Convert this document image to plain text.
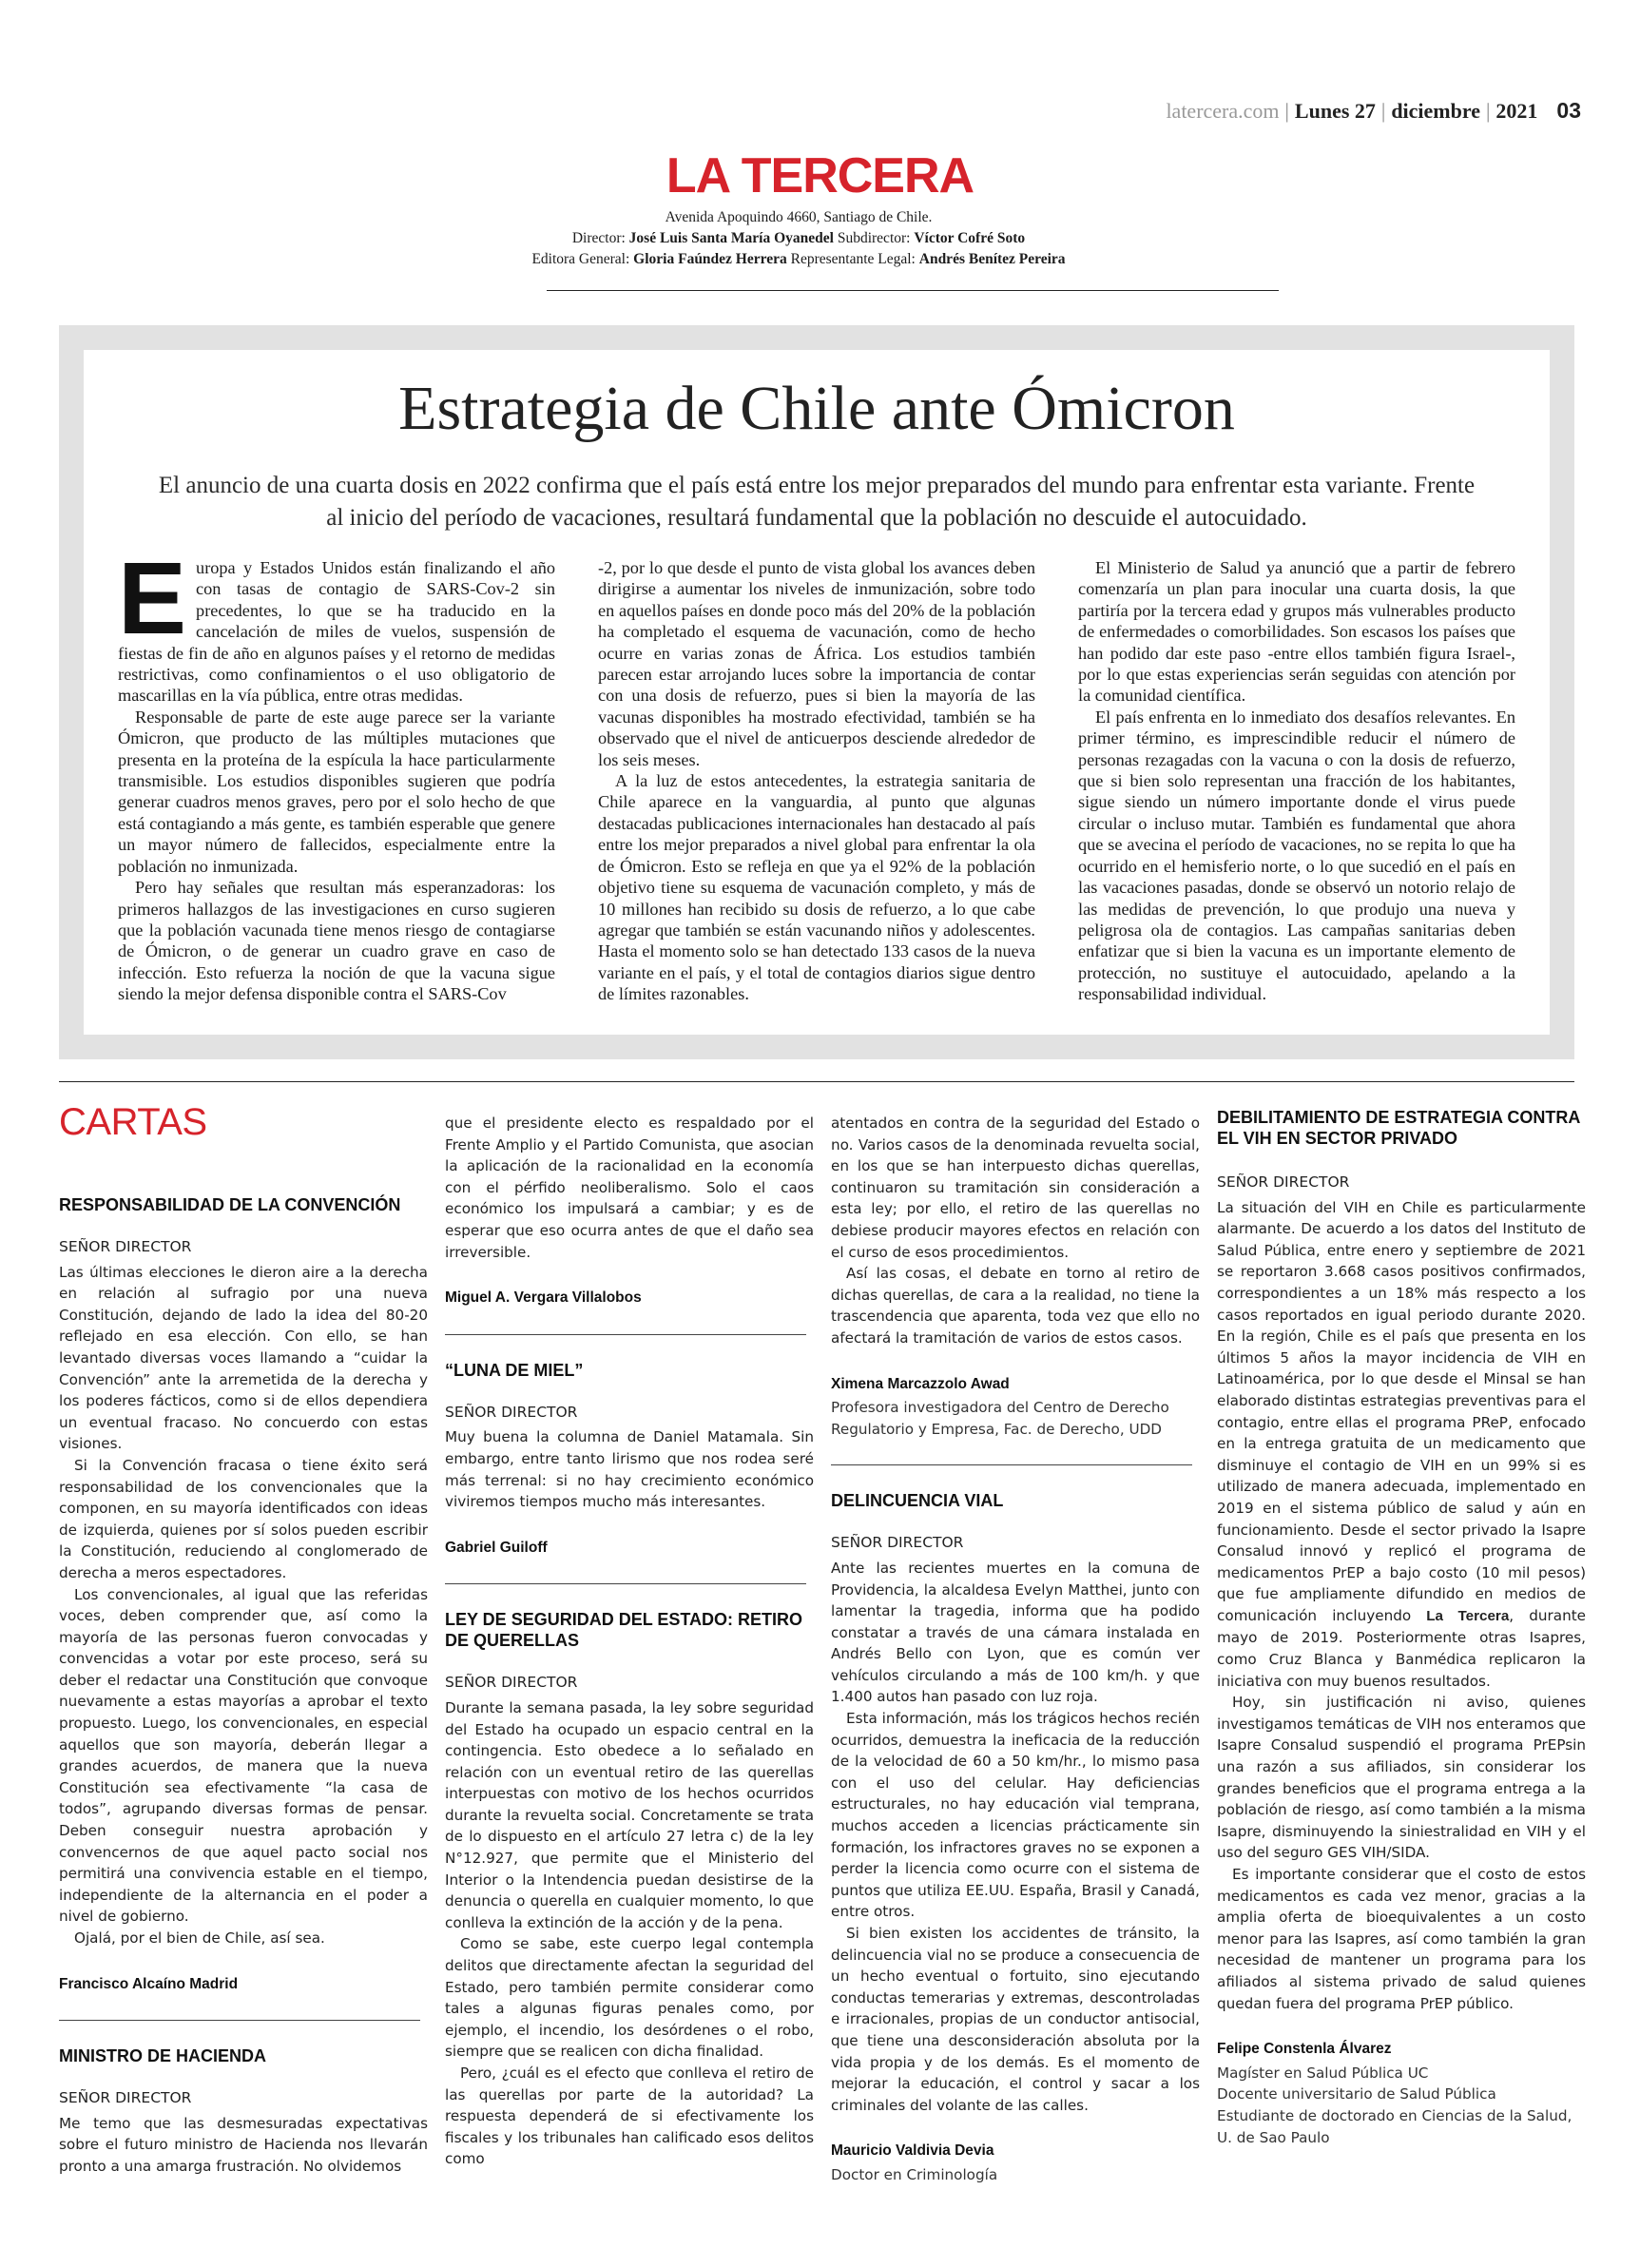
latercera.com | Lunes 27 | diciembre | 2021 03
LA TERCERA
Avenida Apoquindo 4660, Santiago de Chile.
Director: José Luis Santa María Oyanedel Subdirector: Víctor Cofré Soto
Editora General: Gloria Faúndez Herrera Representante Legal: Andrés Benítez Pereira
Estrategia de Chile ante Ómicron
El anuncio de una cuarta dosis en 2022 confirma que el país está entre los mejor preparados del mundo para enfrentar esta variante. Frente al inicio del período de vacaciones, resultará fundamental que la población no descuide el autocuidado.

Europa y Estados Unidos están finalizando el año con tasas de contagio de SARS-Cov-2 sin precedentes, lo que se ha traducido en la cancelación de miles de vuelos, suspensión de fiestas de fin de año en algunos países y el retorno de medidas restrictivas, como confinamientos o el uso obligatorio de mascarillas en la vía pública, entre otras medidas.

Responsable de parte de este auge parece ser la variante Ómicron, que producto de las múltiples mutaciones que presenta en la proteína de la espícula la hace particularmente transmisible. Los estudios disponibles sugieren que podría generar cuadros menos graves, pero por el solo hecho de que está contagiando a más gente, es también esperable que genere un mayor número de fallecidos, especialmente entre la población no inmunizada.

Pero hay señales que resultan más esperanzadoras: los primeros hallazgos de las investigaciones en curso sugieren que la población vacunada tiene menos riesgo de contagiarse de Ómicron, o de generar un cuadro grave en caso de infección. Esto refuerza la noción de que la vacuna sigue siendo la mejor defensa disponible contra el SARS-Cov

-2, por lo que desde el punto de vista global los avances deben dirigirse a aumentar los niveles de inmunización, sobre todo en aquellos países en donde poco más del 20% de la población ha completado el esquema de vacunación, como de hecho ocurre en varias zonas de África. Los estudios también parecen estar arrojando luces sobre la importancia de contar con una dosis de refuerzo, pues si bien la mayoría de las vacunas disponibles ha mostrado efectividad, también se ha observado que el nivel de anticuerpos desciende alrededor de los seis meses.

A la luz de estos antecedentes, la estrategia sanitaria de Chile aparece en la vanguardia, al punto que algunas destacadas publicaciones internacionales han destacado al país entre los mejor preparados a nivel global para enfrentar la ola de Ómicron. Esto se refleja en que ya el 92% de la población objetivo tiene su esquema de vacunación completo, y más de 10 millones han recibido su dosis de refuerzo, a lo que cabe agregar que también se están vacunando niños y adolescentes. Hasta el momento solo se han detectado 133 casos de la nueva variante en el país, y el total de contagios diarios sigue dentro de límites razonables.

El Ministerio de Salud ya anunció que a partir de febrero comenzaría un plan para inocular una cuarta dosis, la que partiría por la tercera edad y grupos más vulnerables producto de enfermedades o comorbilidades. Son escasos los países que han podido dar este paso -entre ellos también figura Israel-, por lo que estas experiencias serán seguidas con atención por la comunidad científica.

El país enfrenta en lo inmediato dos desafíos relevantes. En primer término, es imprescindible reducir el número de personas rezagadas con la vacuna o con la dosis de refuerzo, que si bien solo representan una fracción de los habitantes, sigue siendo un número importante donde el virus puede circular o incluso mutar. También es fundamental que ahora que se avecina el período de vacaciones, no se repita lo que ha ocurrido en el hemisferio norte, o lo que sucedió en el país en las vacaciones pasadas, donde se observó un notorio relajo de las medidas de prevención, lo que produjo una nueva y peligrosa ola de contagios. Las campañas sanitarias deben enfatizar que si bien la vacuna es un importante elemento de protección, no sustituye el autocuidado, apelando a la responsabilidad individual.

CARTAS
RESPONSABILIDAD DE LA CONVENCIÓN
SEÑOR DIRECTOR

Las últimas elecciones le dieron aire a la derecha en relación al sufragio por una nueva Constitución, dejando de lado la idea del 80-20 reflejado en esa elección. Con ello, se han levantado diversas voces llamando a “cuidar la Convención” ante la arremetida de la derecha y los poderes fácticos, como si de ellos dependiera un eventual fracaso. No concuerdo con estas visiones.

Si la Convención fracasa o tiene éxito será responsabilidad de los convencionales que la componen, en su mayoría identificados con ideas de izquierda, quienes por sí solos pueden escribir la Constitución, reduciendo al conglomerado de derecha a meros espectadores.

Los convencionales, al igual que las referidas voces, deben comprender que, así como la mayoría de las personas fueron convocadas y convencidas a votar por este proceso, será su deber el redactar una Constitución que convoque nuevamente a estas mayorías a aprobar el texto propuesto. Luego, los convencionales, en especial aquellos que son mayoría, deberán llegar a grandes acuerdos, de manera que la nueva Constitución sea efectivamente “la casa de todos”, agrupando diversas formas de pensar. Deben conseguir nuestra aprobación y convencernos de que aquel pacto social nos permitirá una convivencia estable en el tiempo, independiente de la alternancia en el poder a nivel de gobierno.

Ojalá, por el bien de Chile, así sea.

Francisco Alcaíno Madrid
MINISTRO DE HACIENDA
SEÑOR DIRECTOR

Me temo que las desmesuradas expectativas sobre el futuro ministro de Hacienda nos llevarán pronto a una amarga frustración. No olvidemos

que el presidente electo es respaldado por el Frente Amplio y el Partido Comunista, que asocian la aplicación de la racionalidad en la economía con el pérfido neoliberalismo. Solo el caos económico los impulsará a cambiar; y es de esperar que eso ocurra antes de que el daño sea irreversible.

Miguel A. Vergara Villalobos
“LUNA DE MIEL”
SEÑOR DIRECTOR

Muy buena la columna de Daniel Matamala. Sin embargo, entre tanto lirismo que nos rodea seré más terrenal: si no hay crecimiento económico viviremos tiempos mucho más interesantes.

Gabriel Guiloff
LEY DE SEGURIDAD DEL ESTADO: RETIRO DE QUERELLAS
SEÑOR DIRECTOR

Durante la semana pasada, la ley sobre seguridad del Estado ha ocupado un espacio central en la contingencia. Esto obedece a lo señalado en relación con un eventual retiro de las querellas interpuestas con motivo de los hechos ocurridos durante la revuelta social. Concretamente se trata de lo dispuesto en el artículo 27 letra c) de la ley N°12.927, que permite que el Ministerio del Interior o la Intendencia puedan desistirse de la denuncia o querella en cualquier momento, lo que conlleva la extinción de la acción y de la pena.

Como se sabe, este cuerpo legal contempla delitos que directamente afectan la seguridad del Estado, pero también permite considerar como tales a algunas figuras penales como, por ejemplo, el incendio, los desórdenes o el robo, siempre que se realicen con dicha finalidad.

Pero, ¿cuál es el efecto que conlleva el retiro de las querellas por parte de la autoridad? La respuesta dependerá de si efectivamente los fiscales y los tribunales han calificado esos delitos como

atentados en contra de la seguridad del Estado o no. Varios casos de la denominada revuelta social, en los que se han interpuesto dichas querellas, continuaron su tramitación sin consideración a esta ley; por ello, el retiro de las querellas no debiese producir mayores efectos en relación con el curso de esos procedimientos.

Así las cosas, el debate en torno al retiro de dichas querellas, de cara a la realidad, no tiene la trascendencia que aparenta, toda vez que ello no afectará la tramitación de varios de estos casos.

Ximena Marcazzolo Awad
Profesora investigadora del Centro de Derecho Regulatorio y Empresa, Fac. de Derecho, UDD
DELINCUENCIA VIAL
SEÑOR DIRECTOR

Ante las recientes muertes en la comuna de Providencia, la alcaldesa Evelyn Matthei, junto con lamentar la tragedia, informa que ha podido constatar a través de una cámara instalada en Andrés Bello con Lyon, que es común ver vehículos circulando a más de 100 km/h. y que 1.400 autos han pasado con luz roja.

Esta información, más los trágicos hechos recién ocurridos, demuestra la ineficacia de la reducción de la velocidad de 60 a 50 km/hr., lo mismo pasa con el uso del celular. Hay deficiencias estructurales, no hay educación vial temprana, muchos acceden a licencias prácticamente sin formación, los infractores graves no se exponen a perder la licencia como ocurre con el sistema de puntos que utiliza EE.UU. España, Brasil y Canadá, entre otros.

Si bien existen los accidentes de tránsito, la delincuencia vial no se produce a consecuencia de un hecho eventual o fortuito, sino ejecutando conductas temerarias y extremas, descontroladas e irracionales, propias de un conductor antisocial, que tiene una desconsideración absoluta por la vida propia y de los demás. Es el momento de mejorar la educación, el control y sacar a los criminales del volante de las calles.

Mauricio Valdivia Devia
Doctor en Criminología
DEBILITAMIENTO DE ESTRATEGIA CONTRA EL VIH EN SECTOR PRIVADO
SEÑOR DIRECTOR

La situación del VIH en Chile es particularmente alarmante. De acuerdo a los datos del Instituto de Salud Pública, entre enero y septiembre de 2021 se reportaron 3.668 casos positivos confirmados, correspondientes a un 18% más respecto a los casos reportados en igual periodo durante 2020. En la región, Chile es el país que presenta en los últimos 5 años la mayor incidencia de VIH en Latinoamérica, por lo que desde el Minsal se han elaborado distintas estrategias preventivas para el contagio, entre ellas el programa PReP, enfocado en la entrega gratuita de un medicamento que disminuye el contagio de VIH en un 99% si es utilizado de manera adecuada, implementado en 2019 en el sistema público de salud y aún en funcionamiento. Desde el sector privado la Isapre Consalud innovó y replicó el programa de medicamentos PrEP a bajo costo (10 mil pesos) que fue ampliamente difundido en medios de comunicación incluyendo La Tercera, durante mayo de 2019. Posteriormente otras Isapres, como Cruz Blanca y Banmédica replicaron la iniciativa con muy buenos resultados.

Hoy, sin justificación ni aviso, quienes investigamos temáticas de VIH nos enteramos que Isapre Consalud suspendió el programa PrEPsin una razón a sus afiliados, sin considerar los grandes beneficios que el programa entrega a la población de riesgo, así como también a la misma Isapre, disminuyendo la siniestralidad en VIH y el uso del seguro GES VIH/SIDA.

Es importante considerar que el costo de estos medicamentos es cada vez menor, gracias a la amplia oferta de bioequivalentes a un costo menor para las Isapres, así como también la gran necesidad de mantener un programa para los afiliados al sistema privado de salud quienes quedan fuera del programa PrEP público.

Felipe Constenla Álvarez
Magíster en Salud Pública UC
Docente universitario de Salud Pública
Estudiante de doctorado en Ciencias de la Salud, U. de Sao Paulo
